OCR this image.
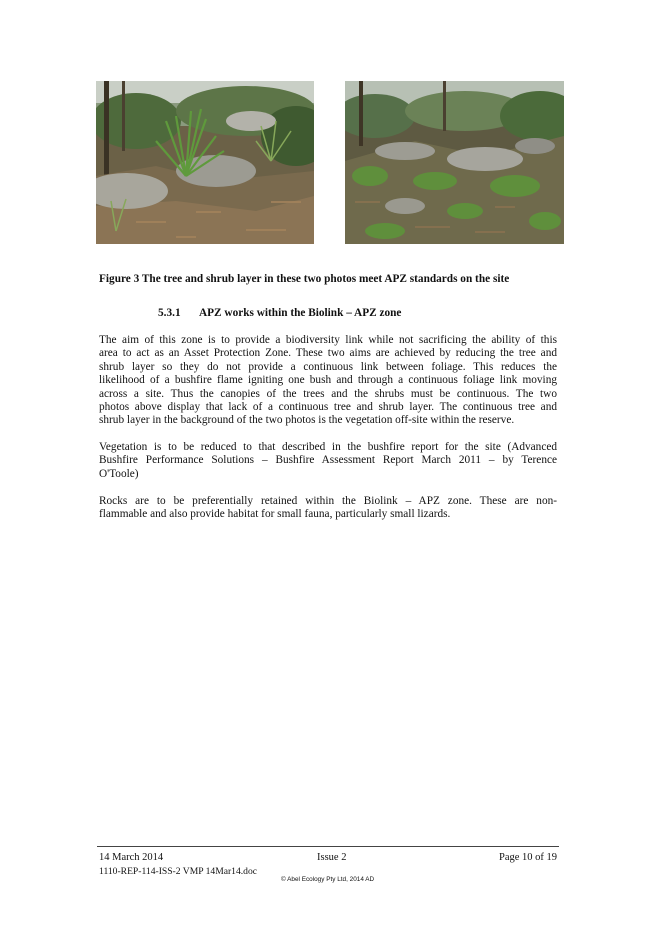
Figure 3 The tree and shrub layer in these two photos meet APZ standards on the site
5.3.1 APZ works within the Biolink – APZ zone
The aim of this zone is to provide a biodiversity link while not sacrificing the ability of this
area to act as an Asset Protection Zone. These two aims are achieved by reducing the tree and
shrub layer so they do not provide a continuous link between foliage. This reduces the
likelihood of a bushfire flame igniting one bush and through a continuous foliage link moving
across a site. Thus the canopies of the trees and the shrubs must be continuous. The two
photos above display that lack of a continuous tree and shrub layer. The continuous tree and
shrub layer in the background of the two photos is the vegetation off-site within the reserve.
Vegetation is to be reduced to that described in the bushfire report for the site (Advanced
Bushfire Performance Solutions – Bushfire Assessment Report March 2011 – by Terence
O'Toole)
Rocks are to be preferentially retained within the Biolink – APZ zone. These are non-
flammable and also provide habitat for small fauna, particularly small lizards.
14 March 2014	Issue 2	Page 10 of 19
1110-REP-114-ISS-2 VMP 14Mar14.doc
© Abel Ecology Pty Ltd, 2014 AD
